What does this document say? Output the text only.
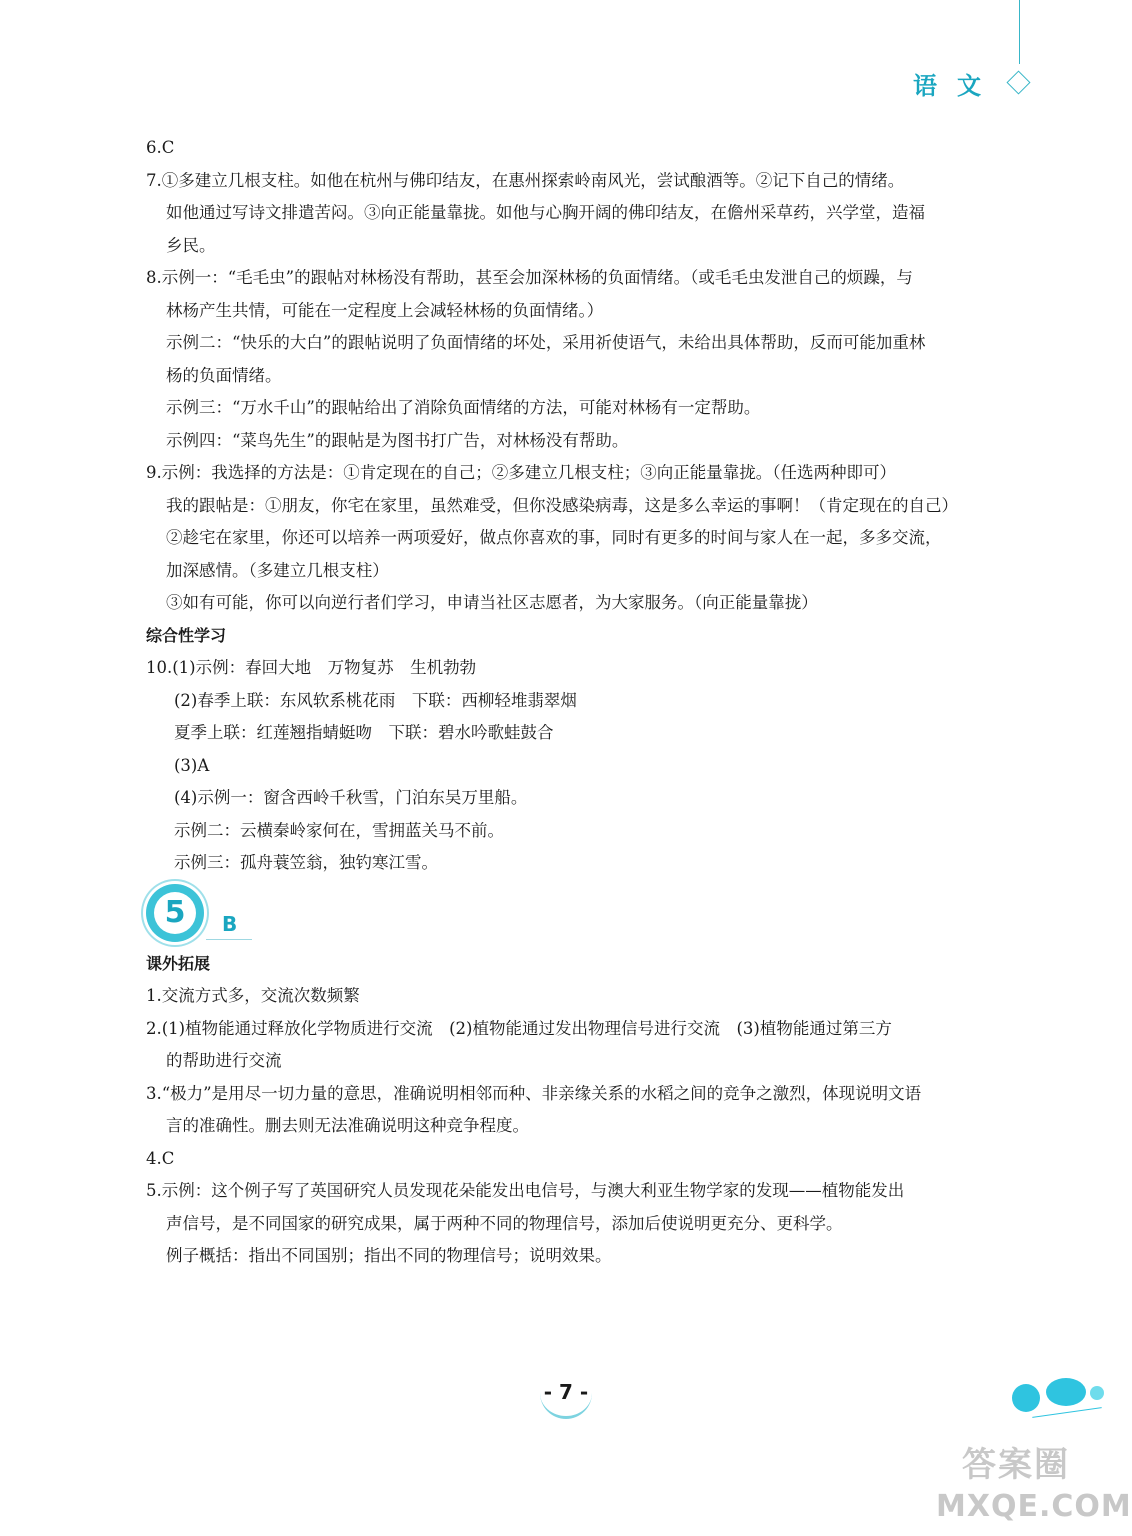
语文
6.C
7.①多建立几根支柱。如他在杭州与佛印结友，在惠州探索岭南风光，尝试酿酒等。②记下自己的情绪。
如他通过写诗文排遣苦闷。③向正能量靠拢。如他与心胸开阔的佛印结友，在儋州采草药，兴学堂，造福
乡民。
8.示例一：“毛毛虫”的跟帖对林杨没有帮助，甚至会加深林杨的负面情绪。（或毛毛虫发泄自己的烦躁，与
林杨产生共情，可能在一定程度上会减轻林杨的负面情绪。）
示例二：“快乐的大白”的跟帖说明了负面情绪的坏处，采用祈使语气，未给出具体帮助，反而可能加重林
杨的负面情绪。
示例三：“万水千山”的跟帖给出了消除负面情绪的方法，可能对林杨有一定帮助。
示例四：“菜鸟先生”的跟帖是为图书打广告，对林杨没有帮助。
9.示例：我选择的方法是：①肯定现在的自己；②多建立几根支柱；③向正能量靠拢。（任选两种即可）
我的跟帖是：①朋友，你宅在家里，虽然难受，但你没感染病毒，这是多么幸运的事啊！（肯定现在的自己）
②趁宅在家里，你还可以培养一两项爱好，做点你喜欢的事，同时有更多的时间与家人在一起，多多交流，
加深感情。（多建立几根支柱）
③如有可能，你可以向逆行者们学习，申请当社区志愿者，为大家服务。（向正能量靠拢）
综合性学习
10.(1)示例：春回大地　万物复苏　生机勃勃
(2)春季上联：东风软系桃花雨　下联：西柳轻堆翡翠烟
夏季上联：红莲翘指蜻蜓吻　下联：碧水吟歌蛙鼓合
(3)A
(4)示例一：窗含西岭千秋雪，门泊东吴万里船。
示例二：云横秦岭家何在，雪拥蓝关马不前。
示例三：孤舟蓑笠翁，独钓寒江雪。
5	B
课外拓展
1.交流方式多，交流次数频繁
2.(1)植物能通过释放化学物质进行交流　(2)植物能通过发出物理信号进行交流　(3)植物能通过第三方
的帮助进行交流
3.“极力”是用尽一切力量的意思，准确说明相邻而种、非亲缘关系的水稻之间的竞争之激烈，体现说明文语
言的准确性。删去则无法准确说明这种竞争程度。
4.C
5.示例：这个例子写了英国研究人员发现花朵能发出电信号，与澳大利亚生物学家的发现——植物能发出
声信号，是不同国家的研究成果，属于两种不同的物理信号，添加后使说明更充分、更科学。
例子概括：指出不同国别；指出不同的物理信号；说明效果。
- 7 -
答案圈
MXQE.COM
